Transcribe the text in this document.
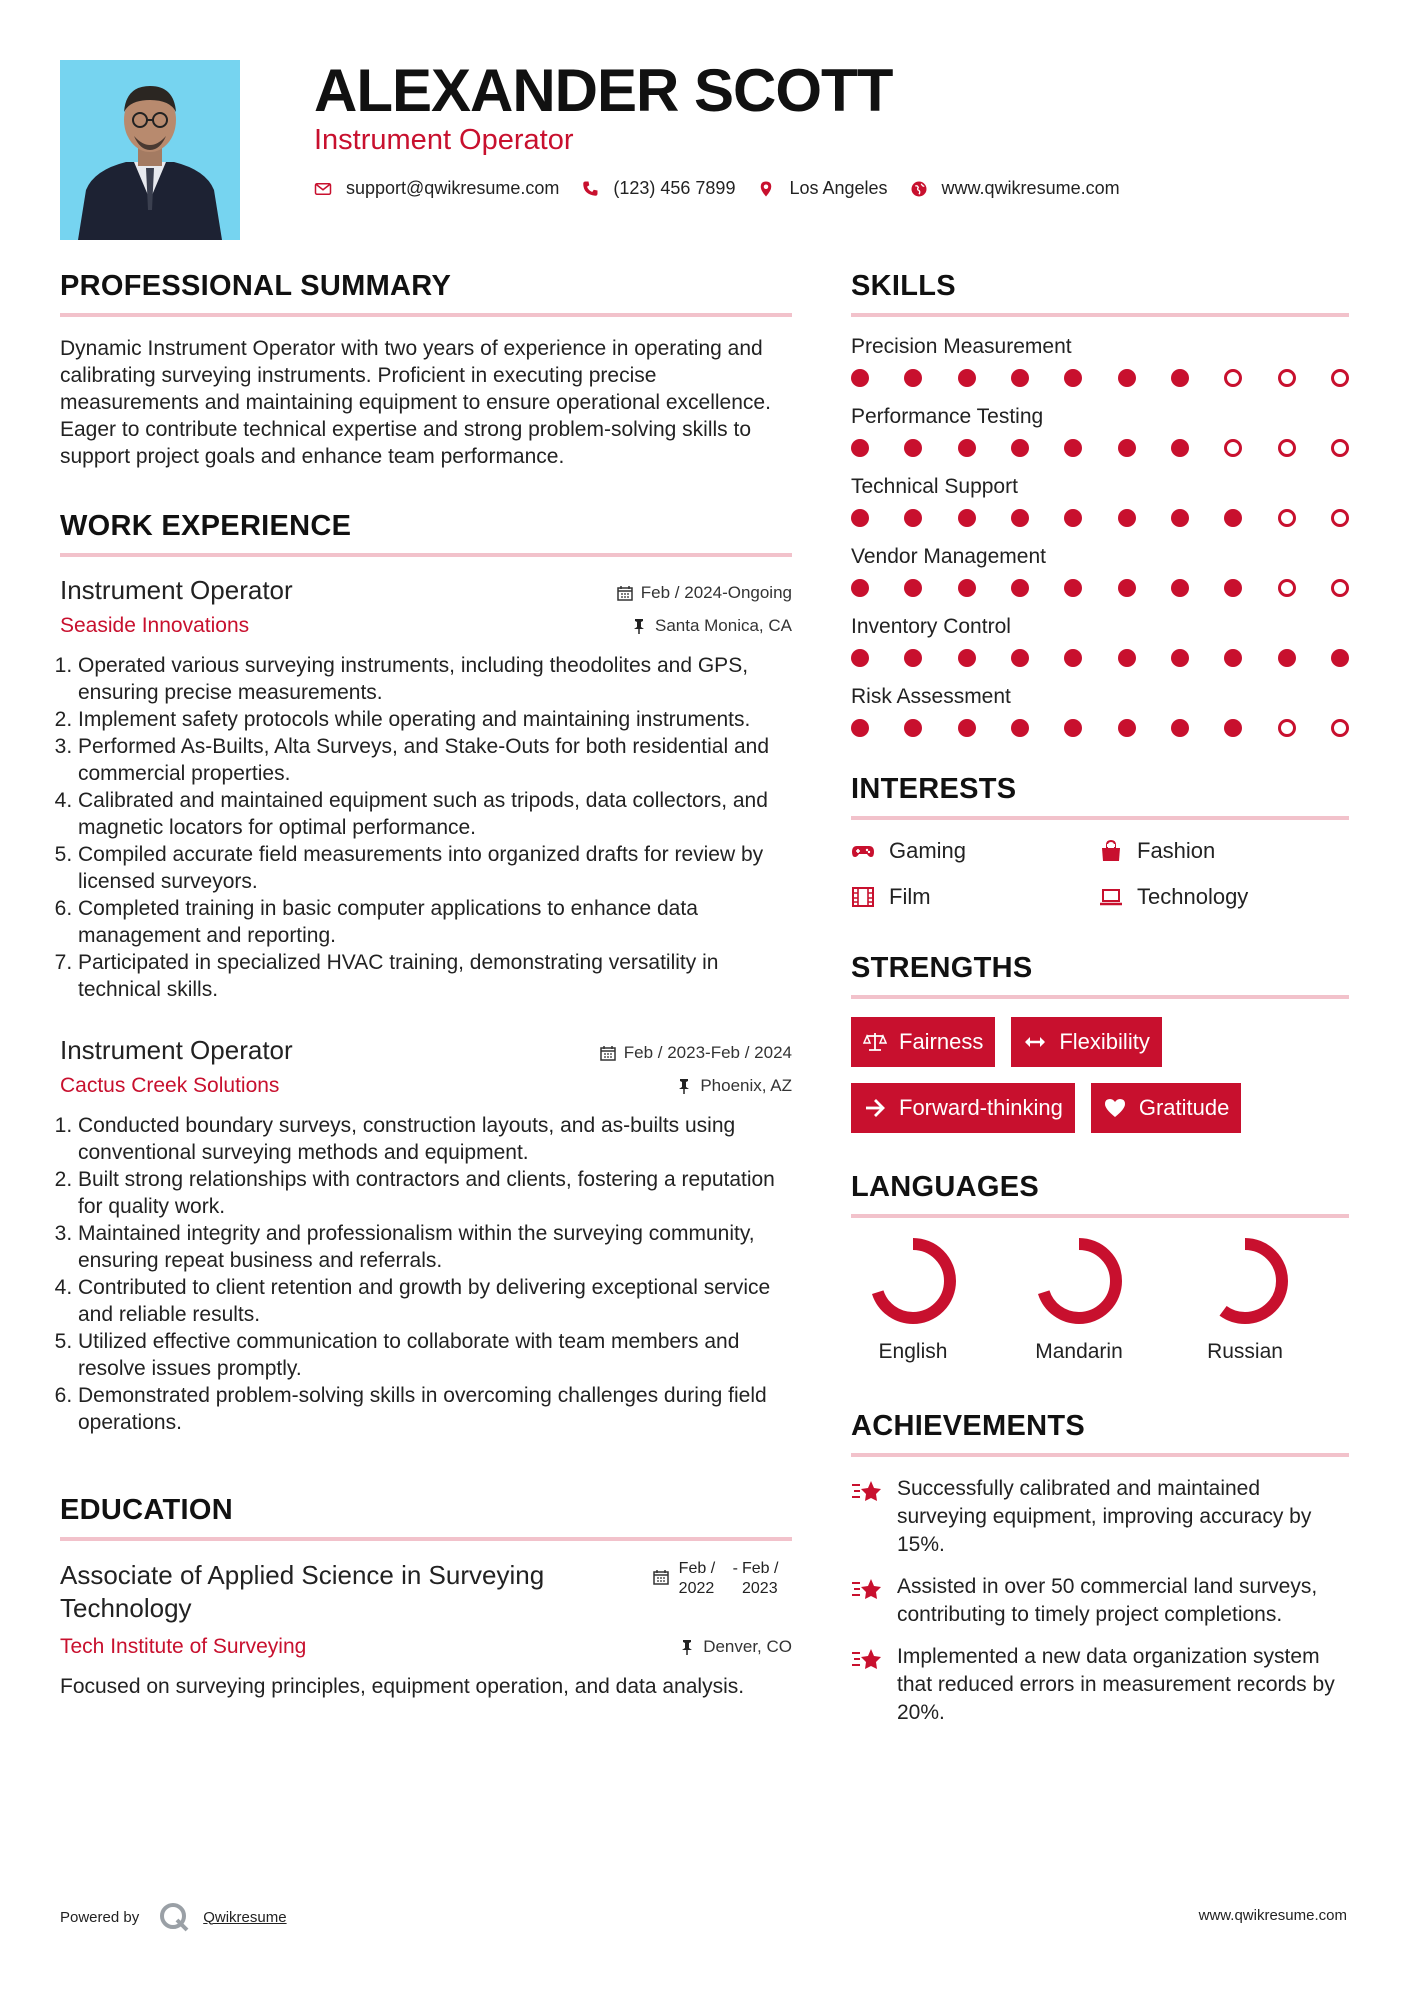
ALEXANDER SCOTT
Instrument Operator
support@qwikresume.com	(123) 456 7899	Los Angeles	www.qwikresume.com
PROFESSIONAL SUMMARY
Dynamic Instrument Operator with two years of experience in operating and calibrating surveying instruments. Proficient in executing precise measurements and maintaining equipment to ensure operational excellence. Eager to contribute technical expertise and strong problem-solving skills to support project goals and enhance team performance.
WORK EXPERIENCE
Instrument Operator	Feb / 2024-Ongoing
Seaside Innovations	Santa Monica, CA
1. Operated various surveying instruments, including theodolites and GPS, ensuring precise measurements.
2. Implement safety protocols while operating and maintaining instruments.
3. Performed As-Builts, Alta Surveys, and Stake-Outs for both residential and commercial properties.
4. Calibrated and maintained equipment such as tripods, data collectors, and magnetic locators for optimal performance.
5. Compiled accurate field measurements into organized drafts for review by licensed surveyors.
6. Completed training in basic computer applications to enhance data management and reporting.
7. Participated in specialized HVAC training, demonstrating versatility in technical skills.
Instrument Operator	Feb / 2023-Feb / 2024
Cactus Creek Solutions	Phoenix, AZ
1. Conducted boundary surveys, construction layouts, and as-builts using conventional surveying methods and equipment.
2. Built strong relationships with contractors and clients, fostering a reputation for quality work.
3. Maintained integrity and professionalism within the surveying community, ensuring repeat business and referrals.
4. Contributed to client retention and growth by delivering exceptional service and reliable results.
5. Utilized effective communication to collaborate with team members and resolve issues promptly.
6. Demonstrated problem-solving skills in overcoming challenges during field operations.
EDUCATION
Associate of Applied Science in Surveying Technology
Feb / 2022
- Feb / 2023
Tech Institute of Surveying	Denver, CO
Focused on surveying principles, equipment operation, and data analysis.
SKILLS
Precision Measurement
Performance Testing
Technical Support
Vendor Management
Inventory Control
Risk Assessment
INTERESTS
Gaming	Fashion
Film	Technology
STRENGTHS
Fairness	Flexibility
Forward-thinking	Gratitude
LANGUAGES
English	Mandarin	Russian
ACHIEVEMENTS
Successfully calibrated and maintained surveying equipment, improving accuracy by 15%.
Assisted in over 50 commercial land surveys, contributing to timely project completions.
Implemented a new data organization system that reduced errors in measurement records by 20%.
Powered by	Qwikresume	www.qwikresume.com
